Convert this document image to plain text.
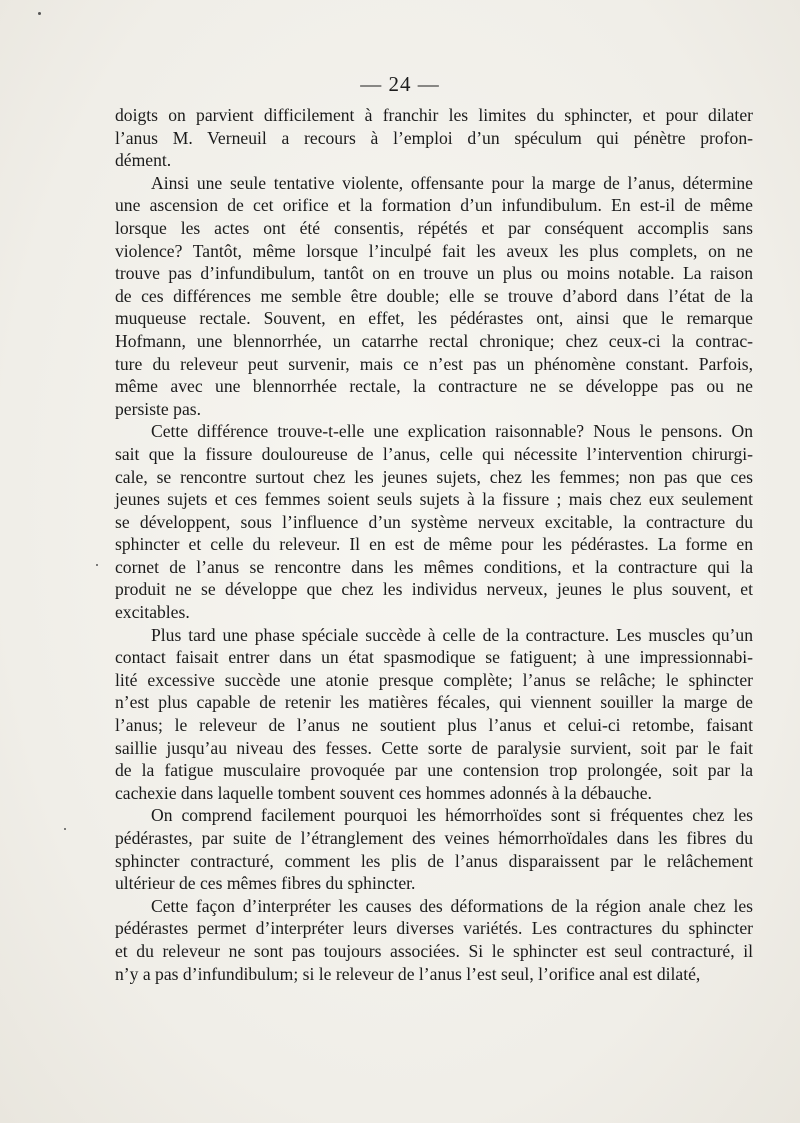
— 24 —

doigts on parvient difficilement à franchir les limites du sphincter, et pour dilater
l’anus M. Verneuil a recours à l’emploi d’un spéculum qui pénètre profon-
dément.

Ainsi une seule tentative violente, offensante pour la marge de l’anus, détermine
une ascension de cet orifice et la formation d’un infundibulum. En est-il de même
lorsque les actes ont été consentis, répétés et par conséquent accomplis sans
violence? Tantôt, même lorsque l’inculpé fait les aveux les plus complets, on ne
trouve pas d’infundibulum, tantôt on en trouve un plus ou moins notable. La raison
de ces différences me semble être double; elle se trouve d’abord dans l’état de la
muqueuse rectale. Souvent, en effet, les pédérastes ont, ainsi que le remarque
Hofmann, une blennorrhée, un catarrhe rectal chronique; chez ceux-ci la contrac-
ture du releveur peut survenir, mais ce n’est pas un phénomène constant. Parfois,
même avec une blennorrhée rectale, la contracture ne se développe pas ou ne
persiste pas.

Cette différence trouve-t-elle une explication raisonnable? Nous le pensons. On
sait que la fissure douloureuse de l’anus, celle qui nécessite l’intervention chirurgi-
cale, se rencontre surtout chez les jeunes sujets, chez les femmes; non pas que ces
jeunes sujets et ces femmes soient seuls sujets à la fissure ; mais chez eux seulement
se développent, sous l’influence d’un système nerveux excitable, la contracture du
sphincter et celle du releveur. Il en est de même pour les pédérastes. La forme en
cornet de l’anus se rencontre dans les mêmes conditions, et la contracture qui la
produit ne se développe que chez les individus nerveux, jeunes le plus souvent, et
excitables.

Plus tard une phase spéciale succède à celle de la contracture. Les muscles qu’un
contact faisait entrer dans un état spasmodique se fatiguent; à une impressionnabi-
lité excessive succède une atonie presque complète; l’anus se relâche; le sphincter
n’est plus capable de retenir les matières fécales, qui viennent souiller la marge de
l’anus; le releveur de l’anus ne soutient plus l’anus et celui-ci retombe, faisant
saillie jusqu’au niveau des fesses. Cette sorte de paralysie survient, soit par le fait
de la fatigue musculaire provoquée par une contension trop prolongée, soit par la
cachexie dans laquelle tombent souvent ces hommes adonnés à la débauche.

On comprend facilement pourquoi les hémorrhoïdes sont si fréquentes chez les
pédérastes, par suite de l’étranglement des veines hémorrhoïdales dans les fibres du
sphincter contracturé, comment les plis de l’anus disparaissent par le relâchement
ultérieur de ces mêmes fibres du sphincter.

Cette façon d’interpréter les causes des déformations de la région anale chez les
pédérastes permet d’interpréter leurs diverses variétés. Les contractures du sphincter
et du releveur ne sont pas toujours associées. Si le sphincter est seul contracturé, il
n’y a pas d’infundibulum; si le releveur de l’anus l’est seul, l’orifice anal est dilaté,
